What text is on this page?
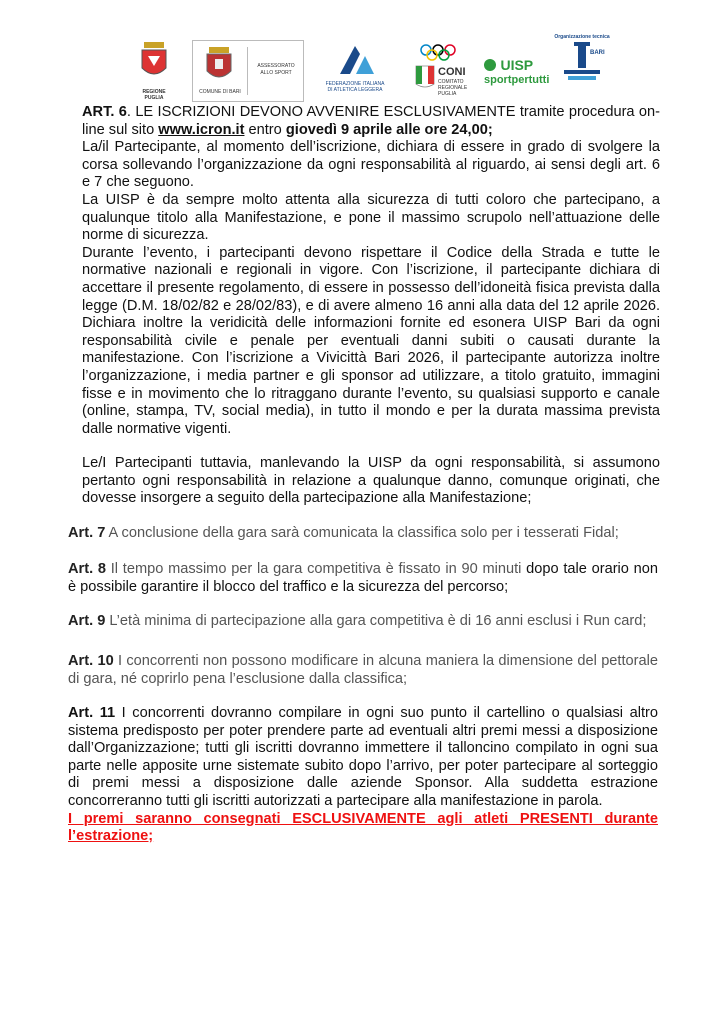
REGIONE PUGLIA
COMUNE DI BARI
ASSESSORATO
ALLO SPORT
FEDERAZIONE ITALIANA
DI ATLETICA LEGGERA
CONI
COMITATO
REGIONALE
PUGLIA
UISP
sportpertutti
Organizzazione tecnica
BARI

ART. 6. LE ISCRIZIONI DEVONO AVVENIRE ESCLUSIVAMENTE tramite procedura on-line sul sito www.icron.it entro giovedì 9 aprile alle ore 24,00;

La/il Partecipante, al momento dell’iscrizione, dichiara di essere in grado di svolgere la corsa sollevando l’organizzazione da ogni responsabilità al riguardo, ai sensi degli art. 6 e 7 che seguono.

La UISP è da sempre molto attenta alla sicurezza di tutti coloro che partecipano, a qualunque titolo alla Manifestazione, e pone il massimo scrupolo nell’attuazione delle norme di sicurezza.

Durante l’evento, i partecipanti devono rispettare il Codice della Strada e tutte le normative nazionali e regionali in vigore. Con l’iscrizione, il partecipante dichiara di accettare il presente regolamento, di essere in possesso dell’idoneità fisica prevista dalla legge (D.M. 18/02/82 e 28/02/83), e di avere almeno 16 anni alla data del 12 aprile 2026. Dichiara inoltre la veridicità delle informazioni fornite ed esonera UISP Bari da ogni responsabilità civile e penale per eventuali danni subiti o causati durante la manifestazione. Con l’iscrizione a Vivicittà Bari 2026, il partecipante autorizza inoltre l’organizzazione, i media partner e gli sponsor ad utilizzare, a titolo gratuito, immagini fisse e in movimento che lo ritraggano durante l’evento, su qualsiasi supporto e canale (online, stampa, TV, social media), in tutto il mondo e per la durata massima prevista dalle normative vigenti.

Le/I Partecipanti tuttavia, manlevando la UISP da ogni responsabilità, si assumono pertanto ogni responsabilità in relazione a qualunque danno, comunque originati, che dovesse insorgere a seguito della partecipazione alla Manifestazione;

Art. 7 A conclusione della gara sarà comunicata la classifica solo per i tesserati Fidal;
Art. 8 Il tempo massimo per la gara competitiva è fissato in 90 minuti dopo tale orario non è possibile garantire il blocco del traffico e la sicurezza del percorso;
Art. 9 L’età minima di partecipazione alla gara competitiva è di 16 anni esclusi i Run card;
Art. 10 I concorrenti non possono modificare in alcuna maniera la dimensione del pettorale di gara, né coprirlo pena l’esclusione dalla classifica;
Art. 11 I concorrenti dovranno compilare in ogni suo punto il cartellino o qualsiasi altro sistema predisposto per poter prendere parte ad eventuali altri premi messi a disposizione dall’Organizzazione; tutti gli iscritti dovranno immettere il talloncino compilato in ogni sua parte nelle apposite urne sistemate subito dopo l’arrivo, per poter partecipare al sorteggio di premi messi a disposizione dalle aziende Sponsor. Alla suddetta estrazione concorreranno tutti gli iscritti autorizzati a partecipare alla manifestazione in parola.

I premi saranno consegnati ESCLUSIVAMENTE agli atleti PRESENTI durante l’estrazione;
